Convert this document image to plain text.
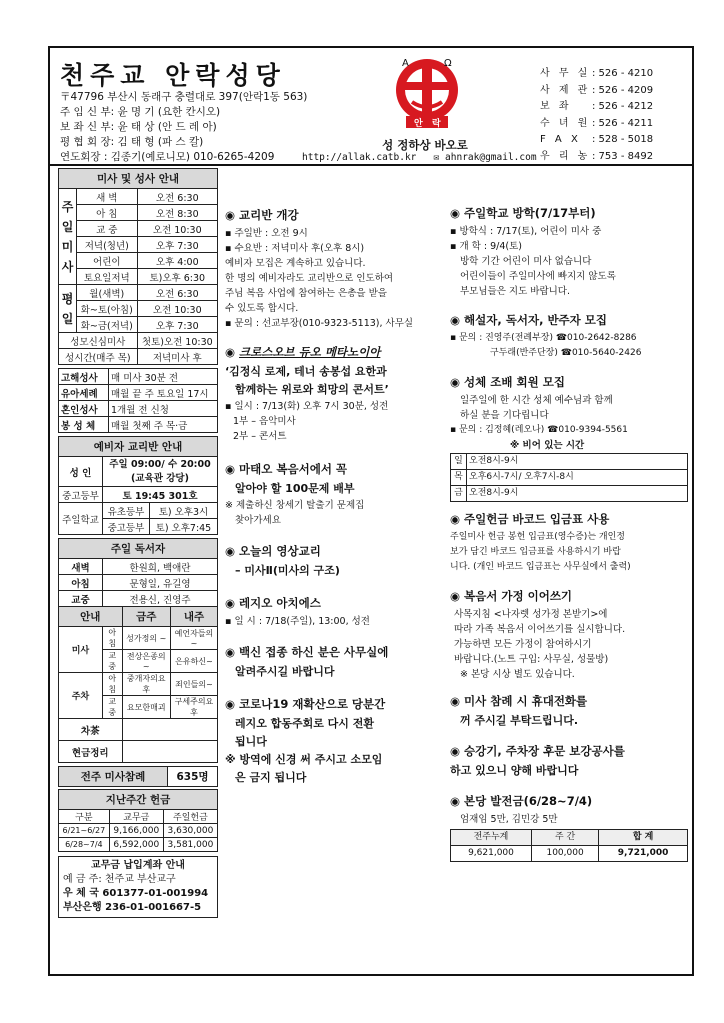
천주교 안락성당
〒47796 부산시 동래구 충렬대로 397(안락1동 563)
주 임 신 부: 윤 명 기 (요한 칸시오)
보 좌 신 부: 윤 태 상 (안 드 레 아)
평 협 회 장: 김 태 형 (파 스 칼)
연도회장 : 김종기(예로니모) 010-6265-4209
A	Ω
안 락
성 정하상 바오로
http://allak.catb.kr ✉ ahnrak@gmail.com
사 무 실 : 526 - 4210
사 제 관 : 526 - 4209
보 좌	: 526 - 4212
수 녀 원 : 526 - 4211
F A X	: 528 - 5018
우 리 농 : 753 - 8492
미사 및 성사 안내		
주
일
미
사	새 벽	오전 6:30
	아 침	오전 8:30
	교 중	오전 10:30
	저녁(청년)	오후 7:30
	어린이	오후 4:00
	토요일저녁	토)오후 6:30
평
일	월(새벽)	오전 6:30
	화~토(아침)	오전 10:30
	화~금(저녁)	오후 7:30
성모신심미사		첫토)오전 10:30
성시간(매주 목)		저녁미사 후
고해성사	매 미사 30분 전
유아세례	매월 끝 주 토요일 17시
혼인성사	1개월 전 신청
봉 성 체	매월 첫째 주 목·금
예비자 교리반 안내		
성 인	주일 09:00/ 수 20:00
(교육관 강당)	

중고등부	토 19:45 301호	
주일학교	유초등부	토) 오후3시
	중고등부	토) 오후7:45
주일 독서자			
새벽	한원희, 백애란		
아침	문형일, 유길영		
교중	전용신, 진영주		
안내		금주	내주
미사	아침	성가정의 ~	예언자들의~
	교중	전상은종의 ~	은유하신~
주차	아침	중개자의요후	죄인들의~
	교중	요모한매괴	구세주의요후
차茶			
현금정리			
전주 미사참례	635명
지난주간 헌금		
구분	교무금	주일헌금
6/21~6/27	9,166,000	3,630,000
6/28~7/4	6,592,000	3,581,000
교무금 납입계좌 안내
예 금 주: 천주교 부산교구
우 체 국 601377-01-001994
부산은행 236-01-001667-5
◉ 교리반 개강
▪ 주일반 : 오전 9시
▪ 수요반 : 저녁미사 후(오후 8시)
예비자 모집은 계속하고 있습니다.
한 명의 예비자라도 교리반으로 인도하여
주님 복음 사업에 참여하는 은총을 받을
수 있도록 합시다.
▪ 문의 : 선교부장(010-9323-5113), 사무실
◉ 크로스오브 듀오 메타노이아
‘김정식 로제, 테너 송봉섭 요한과
함께하는 위로와 희망의 콘서트’
▪ 일시 : 7/13(화) 오후 7시 30분, 성전
1부 – 음악미사
2부 – 콘서트
◉ 마태오 복음서에서 꼭
알아야 할 100문제 배부
※ 제출하신 창세기 탈출기 문제집
찾아가세요
◉ 오늘의 영상교리
– 미사Ⅱ(미사의 구조)
◉ 레지오 아치에스
▪ 일 시 : 7/18(주일), 13:00, 성전
◉ 백신 접종 하신 분은 사무실에
알려주시길 바랍니다
◉ 코로나19 재확산으로 당분간
레지오 합동주회로 다시 전환
됩니다
※ 방역에 신경 써 주시고 소모임
은 금지 됩니다
◉ 주일학교 방학(7/17부터)
▪ 방학식 : 7/17(토), 어린이 미사 중
▪ 개 학 : 9/4(토)
방학 기간 어린이 미사 없습니다
어린이들이 주일미사에 빠지지 않도록
부모님들은 지도 바랍니다.
◉ 해설자, 독서자, 반주자 모집
▪ 문의 : 진영주(전례부장) ☎010-2642-8286
구두래(반주단장) ☎010-5640-2426
◉ 성체 조배 회원 모집
일주일에 한 시간 성체 예수님과 함께
하실 분을 기다립니다
▪ 문의 : 김정혜(레오나) ☎010-9394-5561
※ 비어 있는 시간
일	오전8시-9시
목	오후6시-7시/ 오후7시-8시
금	오전8시-9시
◉ 주일헌금 바코드 입금표 사용
주일미사 헌금 봉헌 입금표(영수증)는 개인정
보가 담긴 바코드 입금표를 사용하시기 바랍
니다. (개인 바코드 입금표는 사무실에서 출력)
◉ 복음서 가정 이어쓰기
사목지침 <나자렛 성가정 본받기>에
따라 가족 복음서 이어쓰기를 실시합니다.
가능하면 모든 가정이 참여하시기
바랍니다.(노트 구입: 사무실, 성물방)
※ 본당 시상 별도 있습니다.
◉ 미사 참례 시 휴대전화를
꺼 주시길 부탁드립니다.
◉ 승강기, 주차장 후문 보강공사를
하고 있으니 양해 바랍니다
◉ 본당 발전금(6/28~7/4)
엄재임 5만, 김민강 5만
전주누계	주 간	합 계
9,621,000	100,000	9,721,000
